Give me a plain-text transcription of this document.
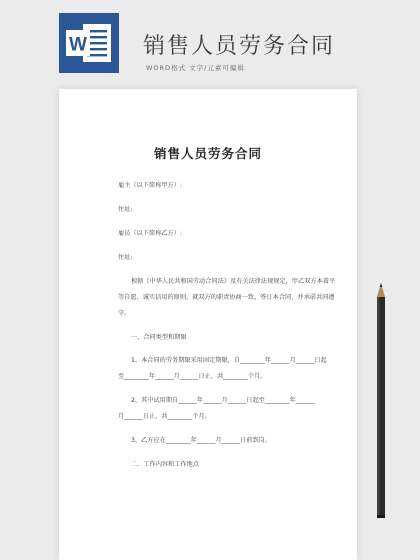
W	销售人员劳务合同
WORD格式 文字/元素可编辑
销售人员劳务合同
雇主（以下简称甲方）:
住址:
雇员（以下简称乙方）:
住址:
根据《中华人民共和国劳动合同法》及有关法律法规规定，甲乙双方本着平
等自愿、诚实信用的原则，就双方的职责协商一致，签订本合同，并承诺共同遵
守。
一、合同类型和期限
1、本合同的劳务期限采用固定期限，自________年______月______日起
至________年______月______日止，共________个月。
2、其中试用期自______年______月______日起至________年______
月______日止，共________个月。
3、乙方应在________年______月______日前到岗。
二、工作内容和工作地点
